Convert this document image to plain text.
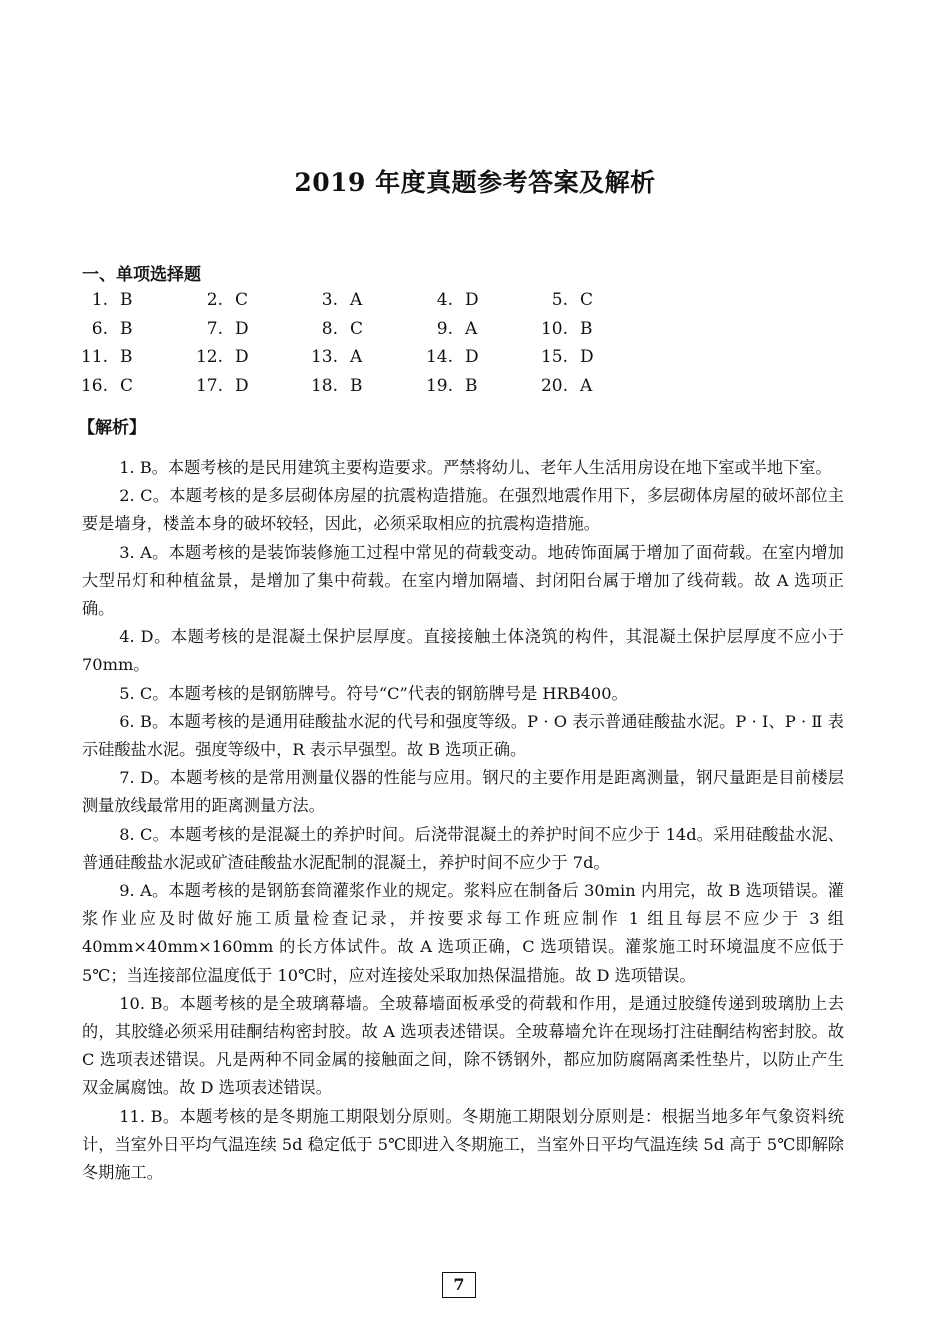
2019 年度真题参考答案及解析
一、单项选择题
1. B	2. C	3. A	4. D	5. C
6. B	7. D	8. C	9. A	10. B
11. B	12. D	13. A	14. D	15. D
16. C	17. D	18. B	19. B	20. A
【解析】

1. B。本题考核的是民用建筑主要构造要求。严禁将幼儿、老年人生活用房设在地下室或半地下室。

2. C。本题考核的是多层砌体房屋的抗震构造措施。在强烈地震作用下，多层砌体房屋的破坏部位主要是墙身，楼盖本身的破坏较轻，因此，必须采取相应的抗震构造措施。

3. A。本题考核的是装饰装修施工过程中常见的荷载变动。地砖饰面属于增加了面荷载。在室内增加大型吊灯和种植盆景，是增加了集中荷载。在室内增加隔墙、封闭阳台属于增加了线荷载。故 A 选项正确。

4. D。本题考核的是混凝土保护层厚度。直接接触土体浇筑的构件，其混凝土保护层厚度不应小于 70mm。

5. C。本题考核的是钢筋牌号。符号“C”代表的钢筋牌号是 HRB400。

6. B。本题考核的是通用硅酸盐水泥的代号和强度等级。P · O 表示普通硅酸盐水泥。P · Ⅰ、P · Ⅱ 表示硅酸盐水泥。强度等级中，R 表示早强型。故 B 选项正确。

7. D。本题考核的是常用测量仪器的性能与应用。钢尺的主要作用是距离测量，钢尺量距是目前楼层测量放线最常用的距离测量方法。

8. C。本题考核的是混凝土的养护时间。后浇带混凝土的养护时间不应少于 14d。采用硅酸盐水泥、普通硅酸盐水泥或矿渣硅酸盐水泥配制的混凝土，养护时间不应少于 7d。

9. A。本题考核的是钢筋套筒灌浆作业的规定。浆料应在制备后 30min 内用完，故 B 选项错误。灌浆作业应及时做好施工质量检查记录，并按要求每工作班应制作 1 组且每层不应少于 3 组 40mm×40mm×160mm 的长方体试件。故 A 选项正确，C 选项错误。灌浆施工时环境温度不应低于 5℃；当连接部位温度低于 10℃时，应对连接处采取加热保温措施。故 D 选项错误。

10. B。本题考核的是全玻璃幕墙。全玻幕墙面板承受的荷载和作用，是通过胶缝传递到玻璃肋上去的，其胶缝必须采用硅酮结构密封胶。故 A 选项表述错误。全玻幕墙允许在现场打注硅酮结构密封胶。故 C 选项表述错误。凡是两种不同金属的接触面之间，除不锈钢外，都应加防腐隔离柔性垫片，以防止产生双金属腐蚀。故 D 选项表述错误。

11. B。本题考核的是冬期施工期限划分原则。冬期施工期限划分原则是：根据当地多年气象资料统计，当室外日平均气温连续 5d 稳定低于 5℃即进入冬期施工，当室外日平均气温连续 5d 高于 5℃即解除冬期施工。

7
